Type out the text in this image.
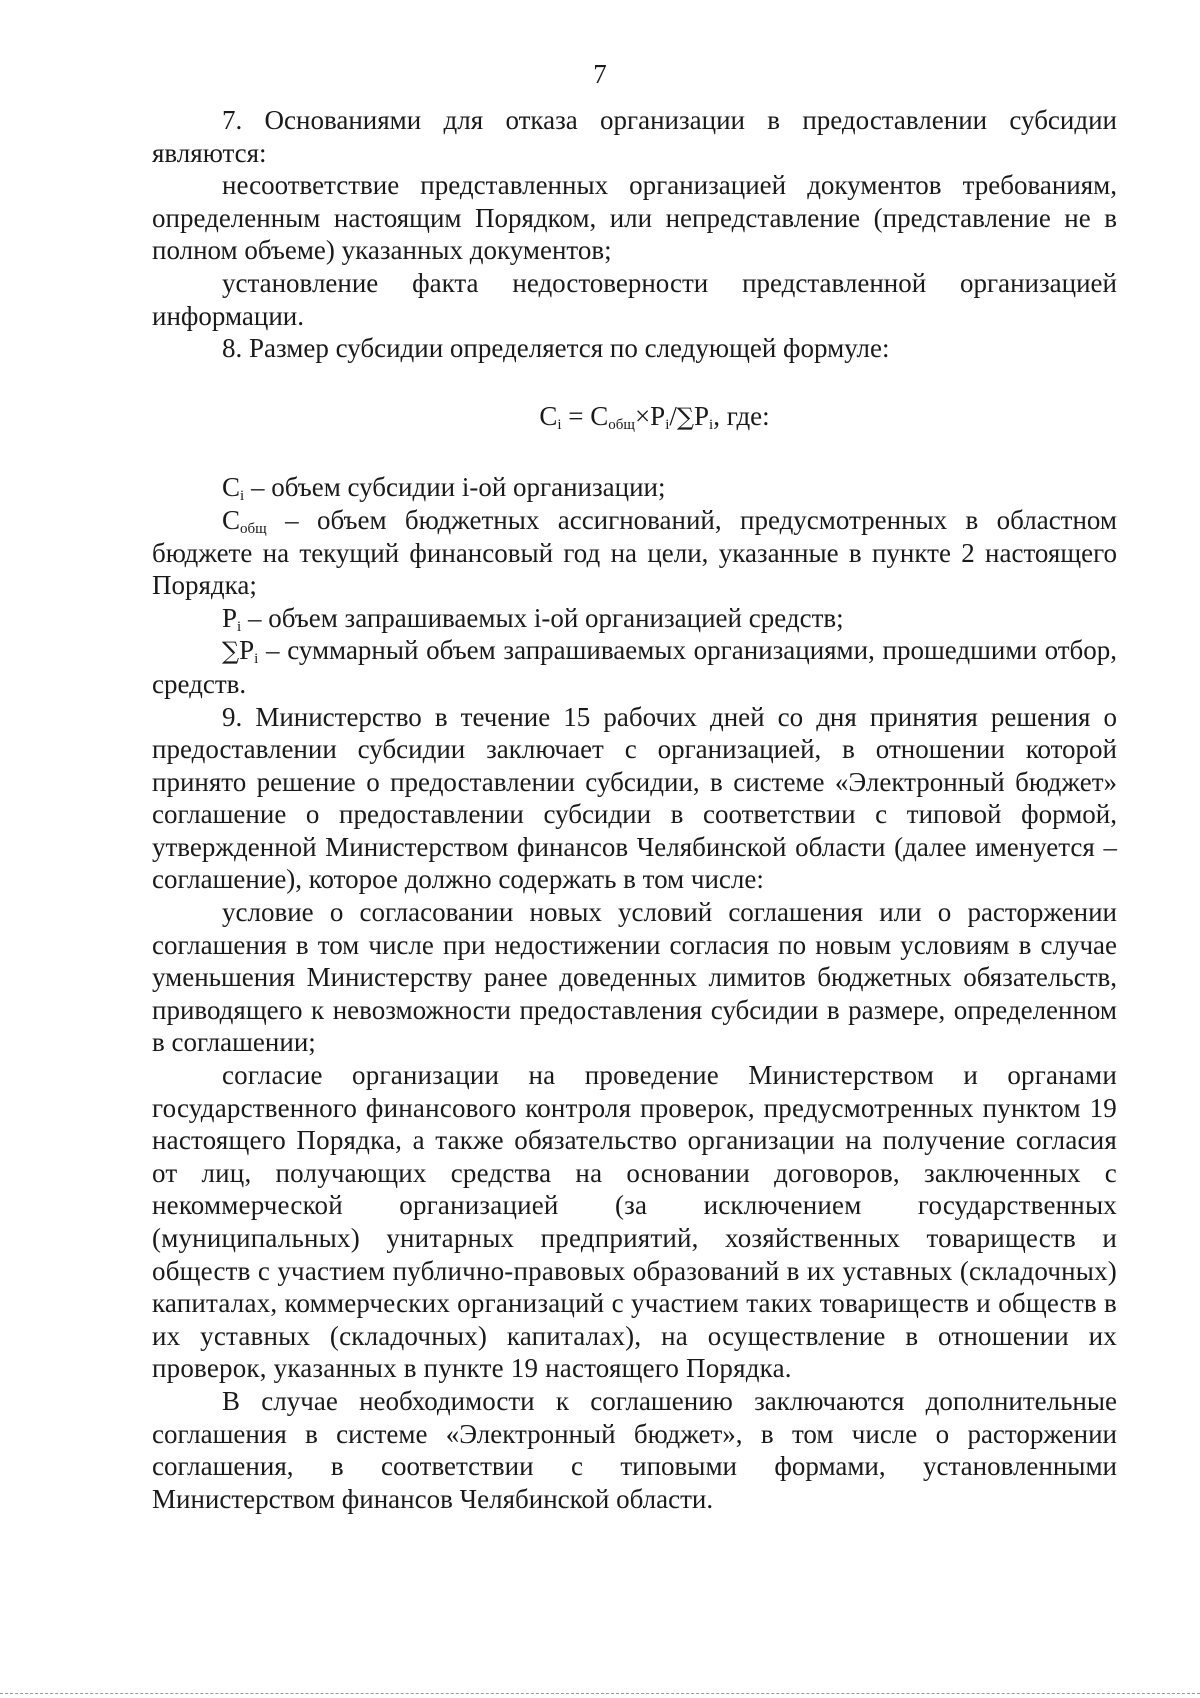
7

7. Основаниями для отказа организации в предоставлении субсидии являются:

несоответствие представленных организацией документов требованиям, определенным настоящим Порядком, или непредставление (представление не в полном объеме) указанных документов;

установление факта недостоверности представленной организацией информации.

8. Размер субсидии определяется по следующей формуле:

$C_i = C_{общ}\times P_i/\sum P_i$, где:

$C_i$ – объем субсидии i-ой организации;

$C_{общ}$ – объем бюджетных ассигнований, предусмотренных в областном бюджете на текущий финансовый год на цели, указанные в пункте 2 настоящего Порядка;

$P_i$ – объем запрашиваемых i-ой организацией средств;

$\sum P_i$ – суммарный объем запрашиваемых организациями, прошедшими отбор, средств.

9. Министерство в течение 15 рабочих дней со дня принятия решения о предоставлении субсидии заключает с организацией, в отношении которой принято решение о предоставлении субсидии, в системе «Электронный бюджет» соглашение о предоставлении субсидии в соответствии с типовой формой, утвержденной Министерством финансов Челябинской области (далее именуется – соглашение), которое должно содержать в том числе:

условие о согласовании новых условий соглашения или о расторжении соглашения в том числе при недостижении согласия по новым условиям в случае уменьшения Министерству ранее доведенных лимитов бюджетных обязательств, приводящего к невозможности предоставления субсидии в размере, определенном в соглашении;

согласие организации на проведение Министерством и органами государственного финансового контроля проверок, предусмотренных пунктом 19 настоящего Порядка, а также обязательство организации на получение согласия от лиц, получающих средства на основании договоров, заключенных с некоммерческой организацией (за исключением государственных (муниципальных) унитарных предприятий, хозяйственных товариществ и обществ с участием публично-правовых образований в их уставных (складочных) капиталах, коммерческих организаций с участием таких товариществ и обществ в их уставных (складочных) капиталах), на осуществление в отношении их проверок, указанных в пункте 19 настоящего Порядка.

В случае необходимости к соглашению заключаются дополнительные соглашения в системе «Электронный бюджет», в том числе о расторжении соглашения, в соответствии с типовыми формами, установленными Министерством финансов Челябинской области.
